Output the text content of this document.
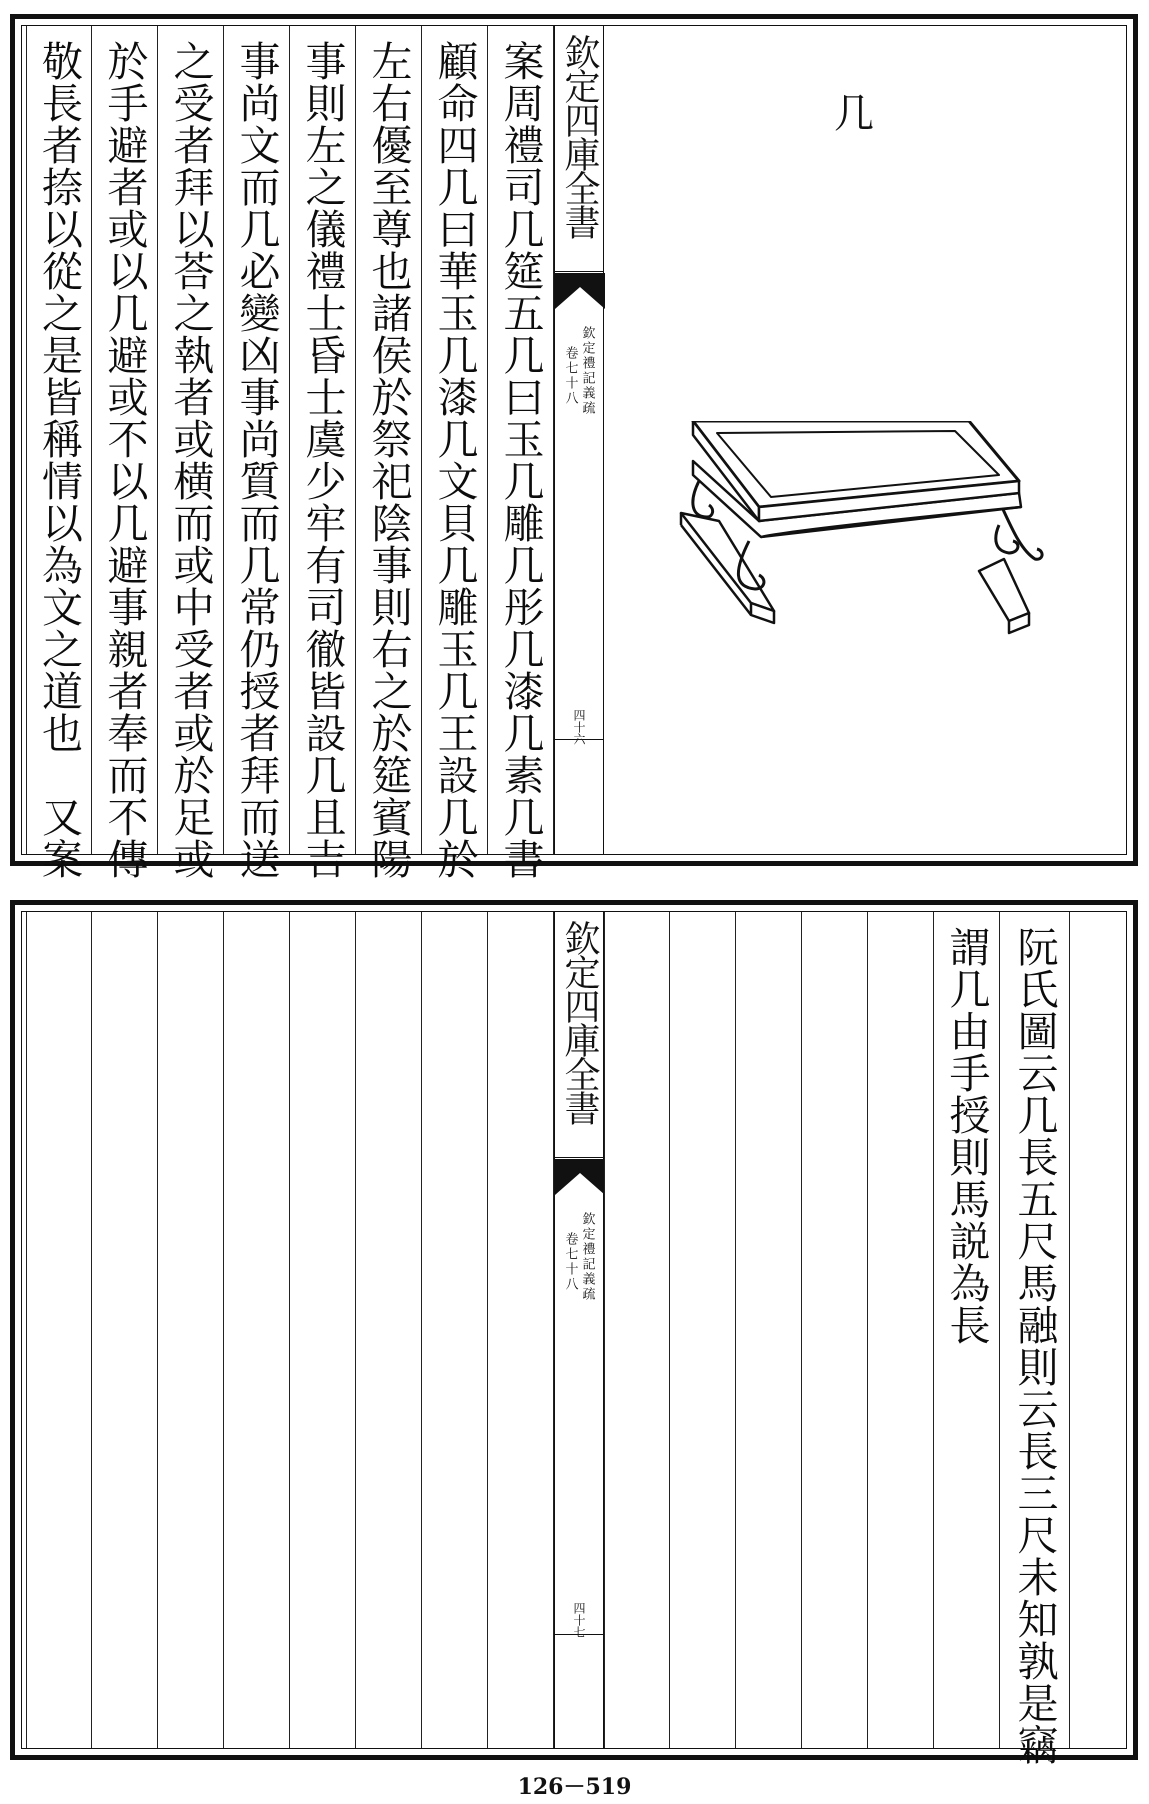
敬長者捺以從之是皆稱情以為文之道也　又案 於手避者或以几避或不以几避事親者奉而不傳 之受者拜以荅之執者或横而或中受者或於足或 事尚文而几必變凶事尚質而几常仍授者拜而送 事則左之儀禮士昏士虞少牢有司徹皆設几且吉 左右優至尊也諸侯於祭祀陰事則右之於筵賓陽 顧命四几曰華玉几漆几文貝几雕玉几王設几於 案周禮司几筵五几曰玉几雕几彤几漆几素几書 欽定四庫全書
欽定禮記義疏
卷七十八
四十六
几
欽定四庫全書
欽定禮記義疏
卷七十八
四十七
謂几由手授則馬説為長 阮氏圖云几長五尺馬融則云長三尺未知孰是竊
126－519
